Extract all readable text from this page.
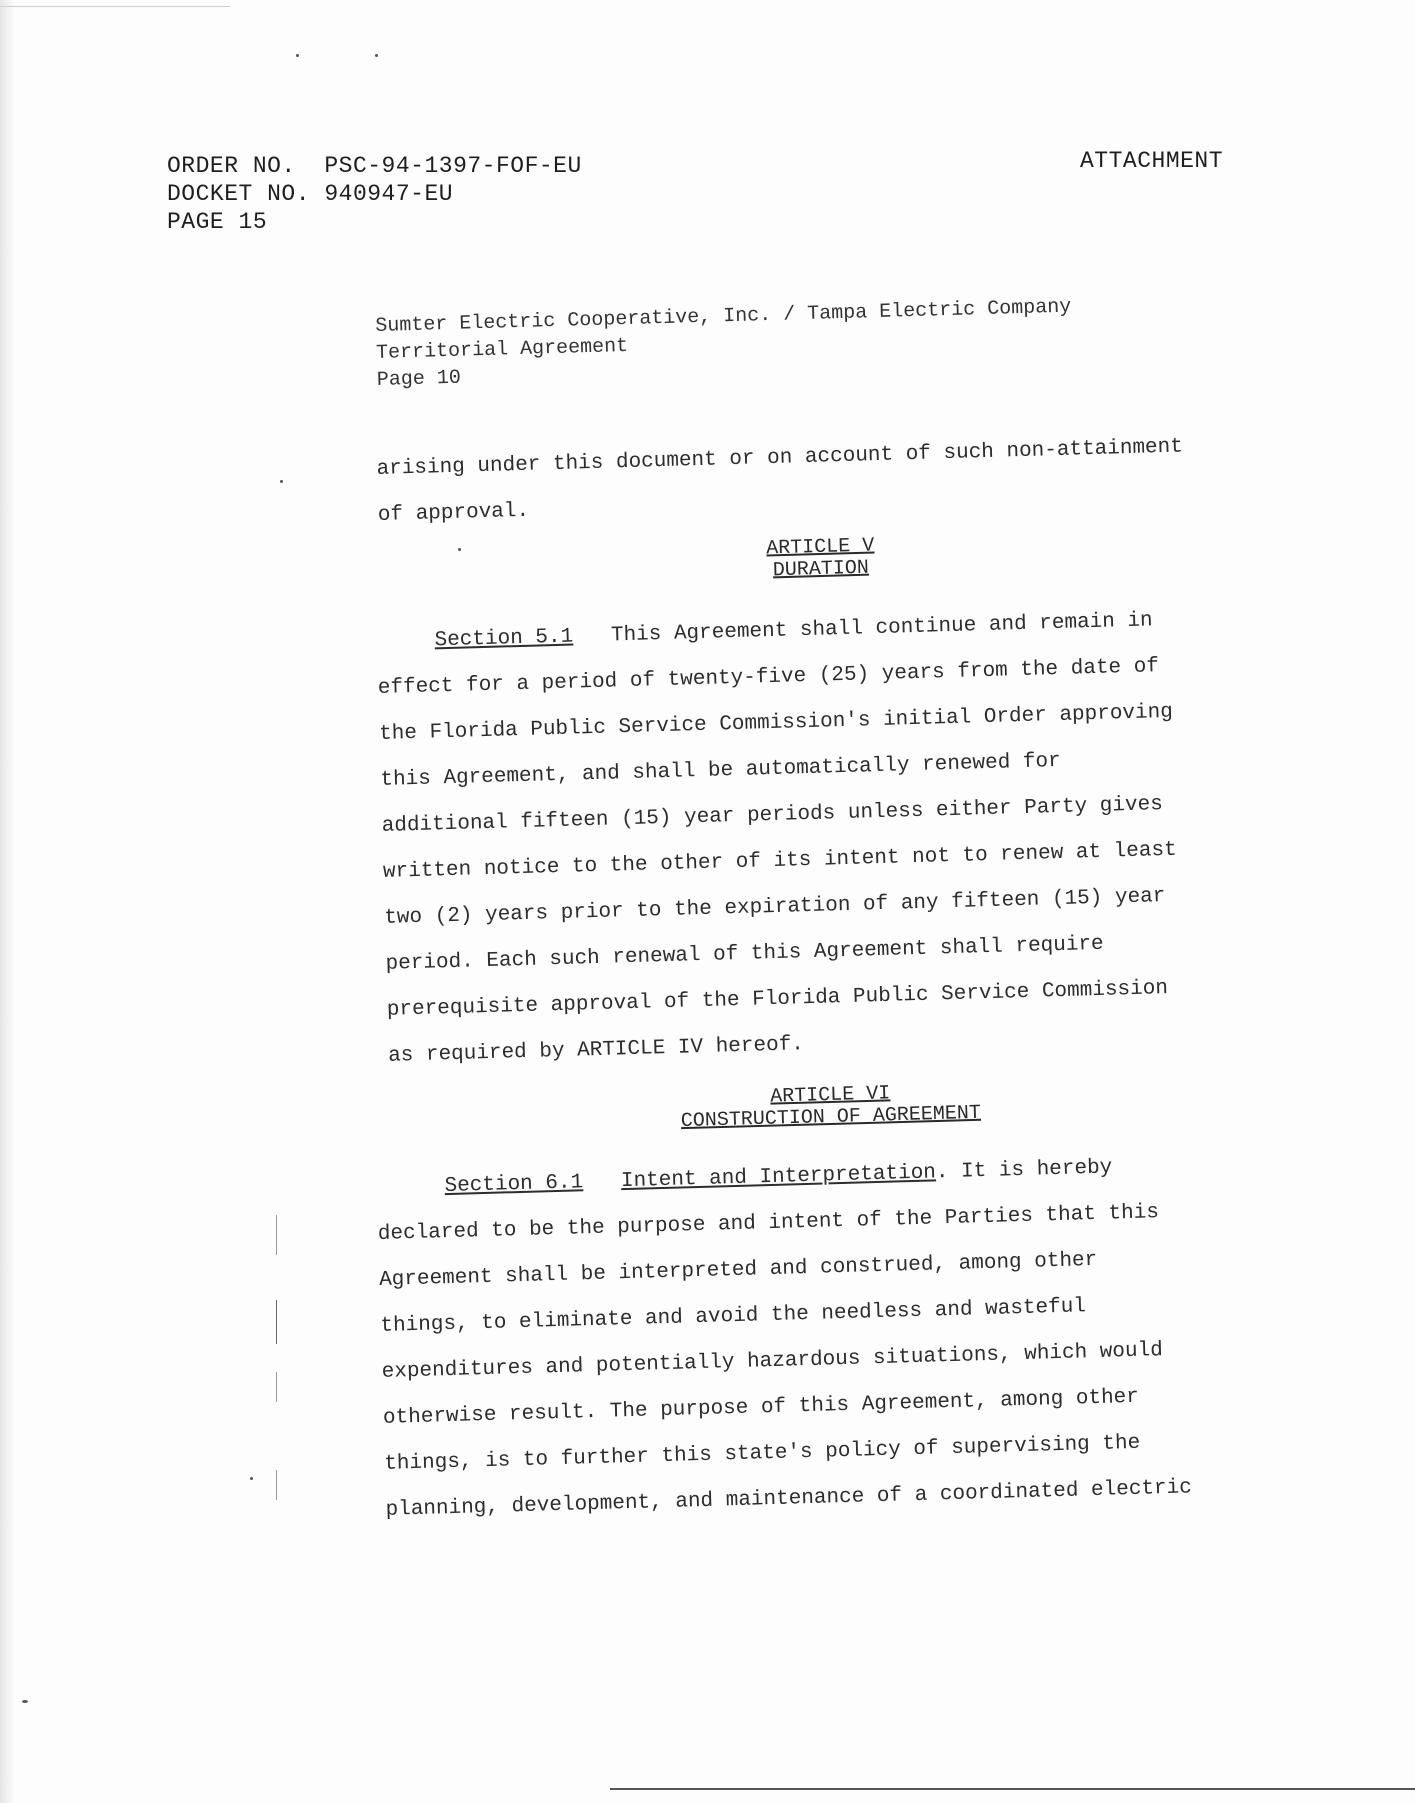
ORDER NO. PSC-94-1397-FOF-EU
DOCKET NO. 940947-EU
PAGE 15
ATTACHMENT
Sumter Electric Cooperative, Inc. / Tampa Electric Company
Territorial Agreement
Page 10
arising under this document or on account of such non-attainment
of approval.
ARTICLE V
DURATION
Section 5.1 This Agreement shall continue and remain in
effect for a period of twenty-five (25) years from the date of
the Florida Public Service Commission's initial Order approving
this Agreement, and shall be automatically renewed for
additional fifteen (15) year periods unless either Party gives
written notice to the other of its intent not to renew at least
two (2) years prior to the expiration of any fifteen (15) year
period. Each such renewal of this Agreement shall require
prerequisite approval of the Florida Public Service Commission
as required by ARTICLE IV hereof.
ARTICLE VI
CONSTRUCTION OF AGREEMENT
Section 6.1 Intent and Interpretation. It is hereby
declared to be the purpose and intent of the Parties that this
Agreement shall be interpreted and construed, among other
things, to eliminate and avoid the needless and wasteful
expenditures and potentially hazardous situations, which would
otherwise result. The purpose of this Agreement, among other
things, is to further this state's policy of supervising the
planning, development, and maintenance of a coordinated electric
